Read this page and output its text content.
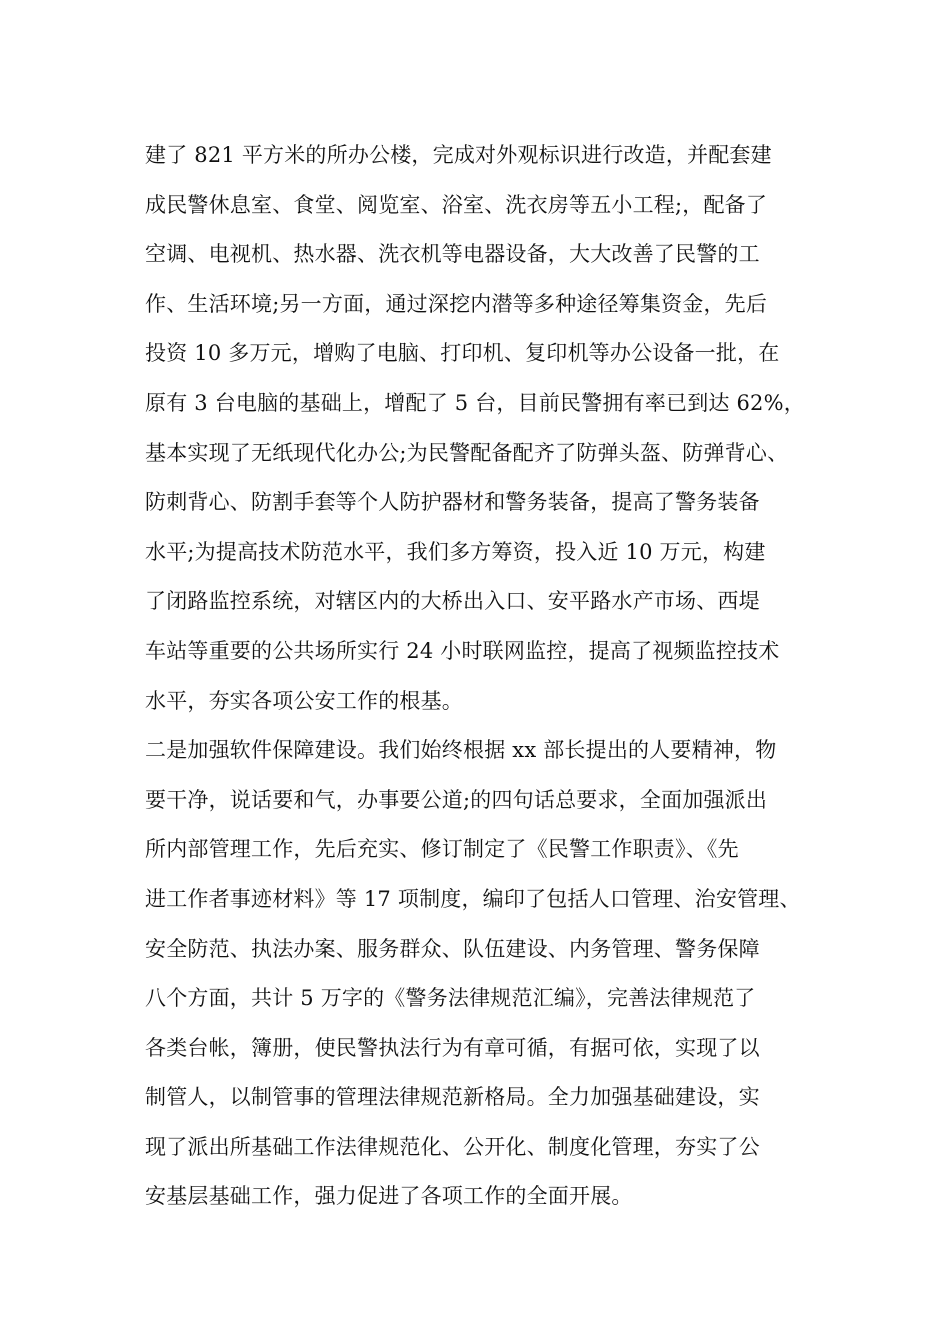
建了 821 平方米的所办公楼，完成对外观标识进行改造，并配套建
成民警休息室、食堂、阅览室、浴室、洗衣房等五小工程;，配备了
空调、电视机、热水器、洗衣机等电器设备，大大改善了民警的工
作、生活环境;另一方面，通过深挖内潜等多种途径筹集资金，先后
投资 10 多万元，增购了电脑、打印机、复印机等办公设备一批，在
原有 3 台电脑的基础上，增配了 5 台，目前民警拥有率已到达 62%，
基本实现了无纸现代化办公;为民警配备配齐了防弹头盔、防弹背心、
防刺背心、防割手套等个人防护器材和警务装备，提高了警务装备
水平;为提高技术防范水平，我们多方筹资，投入近 10 万元，构建
了闭路监控系统，对辖区内的大桥出入口、安平路水产市场、西堤
车站等重要的公共场所实行 24 小时联网监控，提高了视频监控技术
水平，夯实各项公安工作的根基。
二是加强软件保障建设。我们始终根据 xx 部长提出的人要精神，物
要干净，说话要和气，办事要公道;的四句话总要求，全面加强派出
所内部管理工作，先后充实、修订制定了《民警工作职责》、《先
进工作者事迹材料》等 17 项制度，编印了包括人口管理、治安管理、
安全防范、执法办案、服务群众、队伍建设、内务管理、警务保障
八个方面，共计 5 万字的《警务法律规范汇编》，完善法律规范了
各类台帐，簿册，使民警执法行为有章可循，有据可依，实现了以
制管人，以制管事的管理法律规范新格局。全力加强基础建设，实
现了派出所基础工作法律规范化、公开化、制度化管理，夯实了公
安基层基础工作，强力促进了各项工作的全面开展。
